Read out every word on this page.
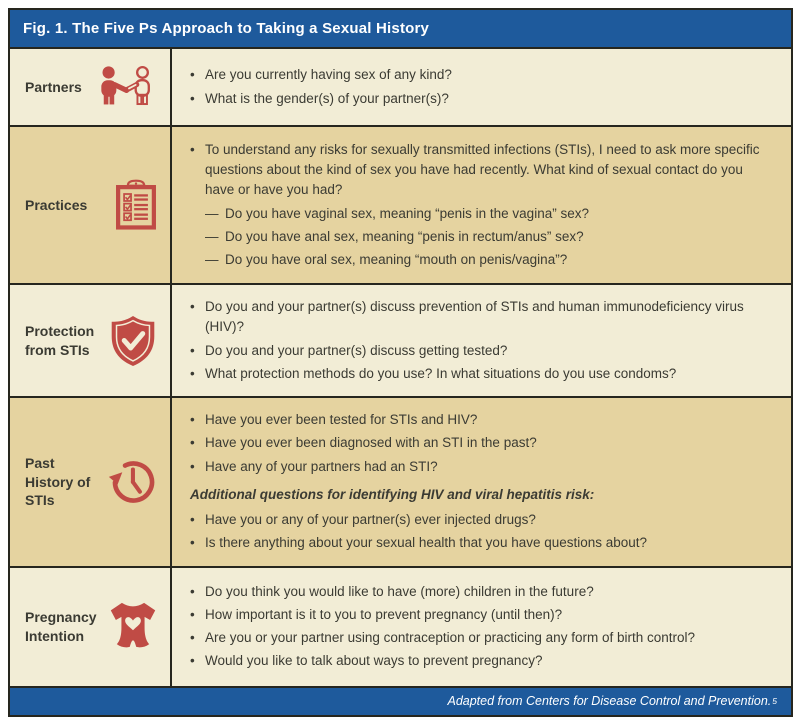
Fig. 1. The Five Ps Approach to Taking a Sexual History
Partners
• Are you currently having sex of any kind?
• What is the gender(s) of your partner(s)?
Practices
• To understand any risks for sexually transmitted infections (STIs), I need to ask more specific questions about the kind of sex you have had recently. What kind of sexual contact do you have or have you had?
— Do you have vaginal sex, meaning “penis in the vagina” sex?
— Do you have anal sex, meaning “penis in rectum/anus” sex?
— Do you have oral sex, meaning “mouth on penis/vagina”?
Protection from STIs
• Do you and your partner(s) discuss prevention of STIs and human immunodeficiency virus (HIV)?
• Do you and your partner(s) discuss getting tested?
• What protection methods do you use? In what situations do you use condoms?
Past History of STIs
• Have you ever been tested for STIs and HIV?
• Have you ever been diagnosed with an STI in the past?
• Have any of your partners had an STI?
Additional questions for identifying HIV and viral hepatitis risk:
• Have you or any of your partner(s) ever injected drugs?
• Is there anything about your sexual health that you have questions about?
Pregnancy Intention
• Do you think you would like to have (more) children in the future?
• How important is it to you to prevent pregnancy (until then)?
• Are you or your partner using contraception or practicing any form of birth control?
• Would you like to talk about ways to prevent pregnancy?
Adapted from Centers for Disease Control and Prevention. 5
